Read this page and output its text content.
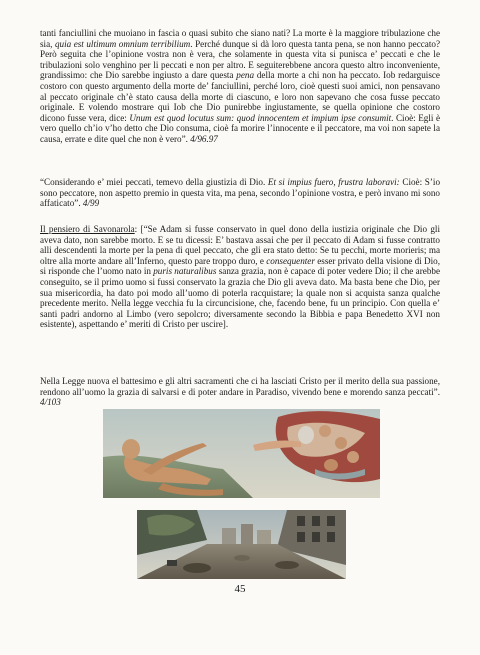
tanti fanciullini che muoiano in fascia o quasi subito che siano nati? La morte è la maggiore tribulazione che sia, quia est ultimum omnium terribilium. Perché dunque si dà loro questa tanta pena, se non hanno peccato? Però seguita che l’opinione vostra non è vera, che solamente in questa vita si punisca e’ peccati e che le tribulazioni solo venghino per li peccati e non per altro. E seguiterebbene ancora questo altro inconveniente, grandissimo: che Dio sarebbe ingiusto a dare questa pena della morte a chi non ha peccato. Iob redarguisce costoro con questo argumento della morte de’ fanciullini, perché loro, cioè questi suoi amici, non pensavano al peccato originale ch’è stato causa della morte di ciascuno, e loro non sapevano che cosa fusse peccato originale. E volendo mostrare qui Iob che Dio punirebbe ingiustamente, se quella opinione che costoro dicono fusse vera, dice: Unum est quod locutus sum: quod innocentem et impium ipse consumit. Cioè: Egli è vero quello ch’io v’ho detto che Dio consuma, cioè fa morire l’innocente e il peccatore, ma voi non sapete la causa, errate e dite quel che non è vero”. 4/96.97

“Considerando e’ miei peccati, temevo della giustizia di Dio. Et si impius fuero, frustra laboravi: Cioè: S’io sono peccatore, non aspetto premio in questa vita, ma pena, secondo l’opinione vostra, e però invano mi sono affaticato”. 4/99

Il pensiero di Savonarola: [“Se Adam si fusse conservato in quel dono della iustizia originale che Dio gli aveva dato, non sarebbe morto. E se tu dicessi: E’ bastava assai che per il peccato di Adam si fusse contratto alli descendenti la morte per la pena di quel peccato, che gli era stato detto: Se tu pecchi, morte morieris; ma oltre alla morte andare all’Inferno, questo pare troppo duro, e consequenter esser privato della visione di Dio, si risponde che l’uomo nato in puris naturalibus sanza grazia, non è capace di poter vedere Dio; il che arebbe conseguito, se il primo uomo si fussi conservato la grazia che Dio gli aveva dato. Ma basta bene che Dio, per sua misericordia, ha dato poi modo all’uomo di poterla racquistare; la quale non si acquista sanza qualche precedente merito. Nella legge vecchia fu la circuncisione, che, facendo bene, fu un principio. Con quella e’ santi padri andorno al Limbo (vero sepolcro; diversamente secondo la Bibbia e papa Benedetto XVI non esistente), aspettando e’ meriti di Cristo per uscire].

Nella Legge nuova el battesimo e gli altri sacramenti che ci ha lasciati Cristo per il merito della sua passione, rendono all’uomo la grazia di salvarsi e di poter andare in Paradiso, vivendo bene e morendo sanza peccati”. 4/103

45
